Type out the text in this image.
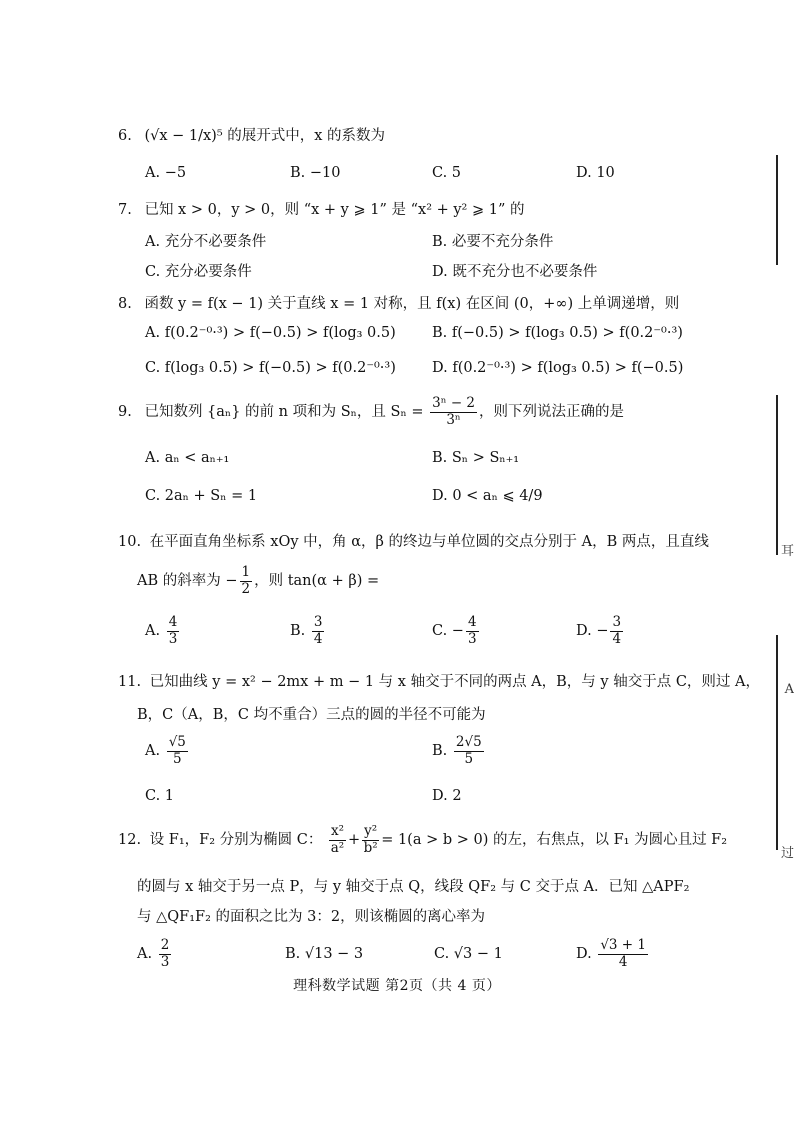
6. (√x − 1/x)⁵ 的展开式中，x 的系数为
A. −5	B. −10	C. 5	D. 10
7. 已知 x > 0，y > 0，则 “x + y ⩾ 1” 是 “x² + y² ⩾ 1” 的
A. 充分不必要条件	B. 必要不充分条件
C. 充分必要条件	D. 既不充分也不必要条件
8. 函数 y = f(x − 1) 关于直线 x = 1 对称，且 f(x) 在区间 (0，+∞) 上单调递增，则
A. f(0.2⁻⁰·³) > f(−0.5) > f(log₃ 0.5) B. f(−0.5) > f(log₃ 0.5) > f(0.2⁻⁰·³)
C. f(log₃ 0.5) > f(−0.5) > f(0.2⁻⁰·³) D. f(0.2⁻⁰·³) > f(log₃ 0.5) > f(−0.5)
9. 已知数列 {aₙ} 的前 n 项和为 Sₙ，且 $S_n = \frac{\text{3ⁿ − 2}}{\text{3ⁿ}}$ ，则下列说法正确的是
A. aₙ < aₙ₊₁	B. Sₙ > Sₙ₊₁
C. 2aₙ + Sₙ = 1	D. 0 < aₙ ⩽ 4/9
10. 在平面直角坐标系 xOy 中，角 α，β 的终边与单位圆的交点分别于 A，B 两点，且直线
AB 的斜率为 − $\frac{1}{2}$ ，则 tan(α + β) =
A. $\frac{4}{3}$	B. $\frac{3}{4}$	C. − $\frac{4}{3}$	D. − $\frac{3}{4}$
11. 已知曲线 y = x² − 2mx + m − 1 与 x 轴交于不同的两点 A，B，与 y 轴交于点 C，则过 A，
B，C（A，B，C 均不重合）三点的圆的半径不可能为
A. $\frac{√5}{5}$	B. $\frac{2√5}{5}$
C. 1	D. 2
12. 设 F₁，F₂ 分别为椭圆 C： $\frac{\text{x²}}{\text{a²}} + \frac{\text{y²}}{\text{b²}} = 1(a > b > 0)$ 的左，右焦点，以 F₁ 为圆心且过 F₂
的圆与 x 轴交于另一点 P，与 y 轴交于点 Q，线段 QF₂ 与 C 交于点 A．已知 △APF₂
与 △QF₁F₂ 的面积之比为 3：2，则该椭圆的离心率为
A. $\frac{2}{3}$	B. √13 − 3	C. √3 − 1	D. $\frac{√3 + 1}{4}$
理科数学试题 第2页（共 4 页）
耳
A
过
